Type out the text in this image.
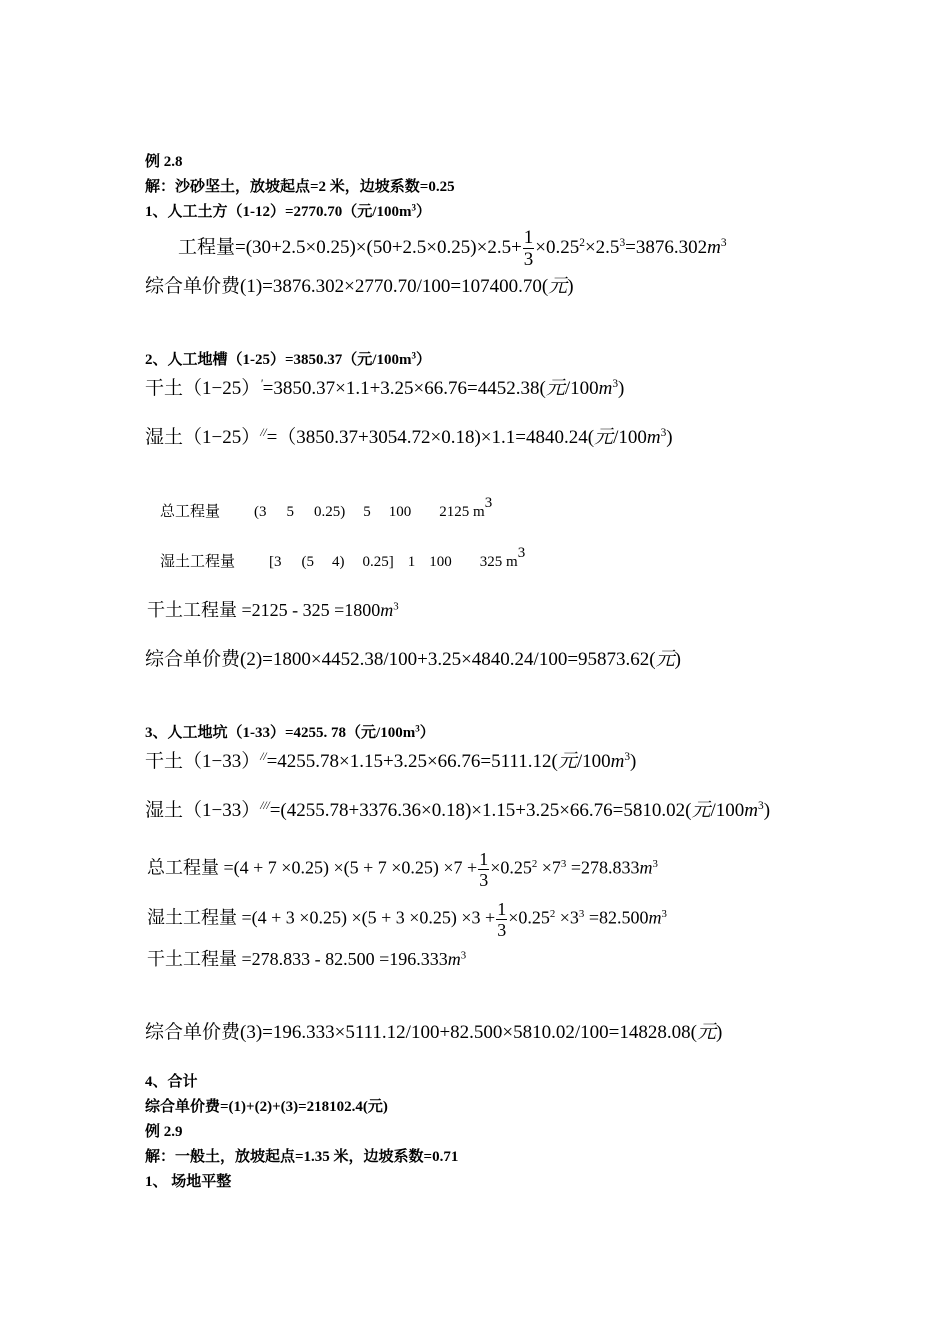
例 2.8
解：沙砂坚土，放坡起点=2 米，边坡系数=0.25
1、人工土方（1-12）=2770.70（元$/100m^3$）
工程量$=(30+2.5\times 0.25)\times(50+2.5\times 0.25)\times 2.5+ \frac{1}{3} \times 0.25^2\times 2.5^3=3876.302m^3$
综合单价费(1)=3876.302×2770.70/100=107400.70(元)
2、人工地槽（1-25）=3850.37（元$/100m^3$）
干土（1−25）'=3850.37×1.1+3.25×66.76=4452.38(元$/100m^3$)
湿土（1−25）//=（3850.37+3054.72×0.18)×1.1=4840.24(元$/100m^3$)
总工程量 (3 5 0.25) 5 100 2125 $m^3$
湿土工程量 [3 (5 4) 0.25] 1 100 325 $m^3$
干土工程量 $=2125 - 325 =1800m^3$
综合单价费(2)=1800×4452.38/100+3.25×4840.24/100=95873.62(元)
3、人工地坑（1-33）=4255. 78（元$/100m^3$）
干土（1−33）//=4255.78×1.15+3.25×66.76=5111.12(元$/100m^3$)
湿土（1−33）///=(4255.78+3376.36×0.18)×1.15+3.25×66.76=5810.02(元$/100m^3$)
总工程量 $=(4 + 7 \times 0.25) \times(5 + 7 \times 0.25) \times 7 + \frac{1}{3} \times 0.25^2 \times 7^3 =278.833m^3$
湿土工程量 $=(4 + 3 \times 0.25) \times(5 + 3 \times 0.25) \times 3 + \frac{1}{3} \times 0.25^2 \times 3^3 =82.500m^3$
干土工程量 $=278.833 - 82.500 =196.333m^3$
综合单价费(3)=196.333×5111.12/100+82.500×5810.02/100=14828.08(元)
4、合计
综合单价费=(1)+(2)+(3)=218102.4(元)
例 2.9
解：一般土，放坡起点=1.35 米，边坡系数=0.71
1、 场地平整
